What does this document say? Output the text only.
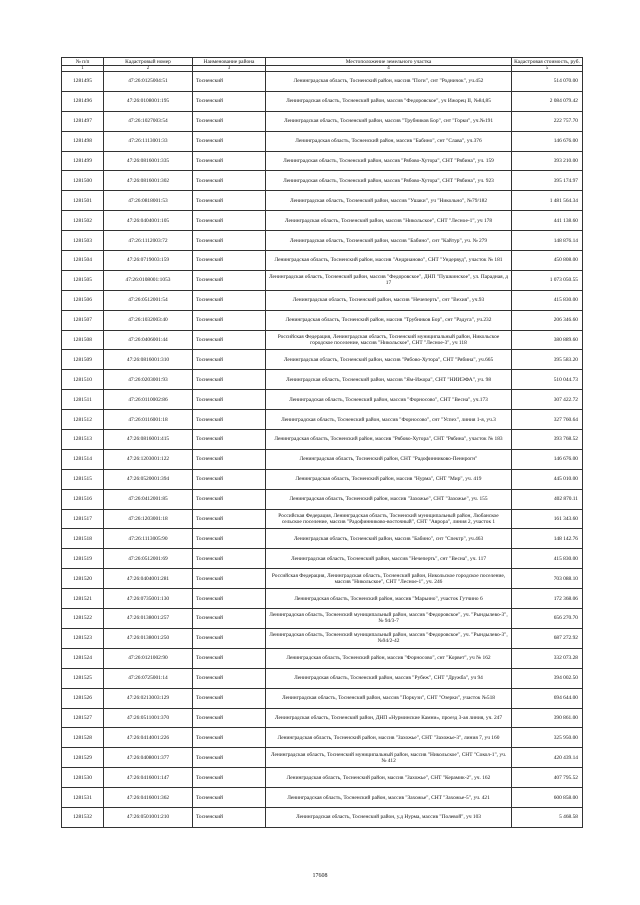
№ п/п	Кадастровый номер	Наименование района	Местоположение земельного участка	Кадастровая стоимость, руб.
1	2	3	4	5
1281495	47:26:0125004:51	Тосненский	Ленинградская область, Тосненский район, массив "Поги", снт "Родничок", уч.452	514 070.00
1281496	47:26:0108001:195	Тосненский	Ленинградская область, Тосненский район, массив "Федоровское", уч Ижорец II, №84,85	2 084 079.42
1281497	47:26:1027003:54	Тосненский	Ленинградская область, Тосненский район, массив "Трубников Бор", снт "Горки", уч.№191	222 757.70
1281498	47:26:1113001:33	Тосненский	Ленинградская область, Тосненский район, массив "Бабино", снт "Слава", уч.376	146 676.00
1281499	47:26:0816001:335	Тосненский	Ленинградская область, Тосненский район, массив "Рябово-Хутора", СНТ "Рябина", уч. 159	393 210.00
1281500	47:26:0816001:302	Тосненский	Ленинградская область, Тосненский район, массив "Рябово-Хутора", СНТ "Рябина", уч. 923	395 174.97
1281501	47:26:0818001:53	Тосненский	Ленинградская область, Тосненский район, массив "Ушаки", уч "Никольно", №79/182	1 481 564.34
1281502	47:26:0404001:105	Тосненский	Ленинградская область, Тосненский район, массив "Никольское", СНТ "Лесное-1", уч 178	441 138.60
1281503	47:26:1112003:72	Тосненский	Ленинградская область, Тосненский район, массив "Бабино", снт "Кайтур", уч. № 279	148 876.14
1281504	47:26:0719003:159	Тосненский	Ленинградская область, Тосненский район, массив "Андрианово", СНТ "Ундервуд", участок № 181	450 808.00
1281505	47:26:0108001:1053	Тосненский	Ленинградская область, Тосненский район, массив "Федоровское", ДНП "Пушкинское", ул. Парадная, д 17	1 073 050.55
1281506	47:26:0512001:54	Тосненский	Ленинградская область, Тосненский район, массив "Нечеперть", снт "Вехия", уч.93	415 830.00
1281507	47:26:1032003:40	Тосненский	Ленинградская область, Тосненский район, массив "Трубников Бор", снт "Радуга", уч.232	206 346.60
1281508	47:26:0406001:44	Тосненский	Российская Федерация, Ленинградская область, Тосненский муниципальный район, Никольское городское поселение, массив "Никольское", СНТ "Лесное-3", уч 118	380 889.60
1281509	47:26:0816001:310	Тосненский	Ленинградская область, Тосненский район, массив "Рябово-Хутора", СНТ "Рябина", уч.665	395 583.20
1281510	47:26:0203001:93	Тосненский	Ленинградская область, Тосненский район, массив "Ям-Ижора", СНТ "НИИЭФА", уч. 98	510 044.73
1281511	47:26:0110002:86	Тосненский	Ленинградская область, Тосненский район, массив "Форносово", СНТ "Весна", уч.173	307 422.72
1281512	47:26:0116001:18	Тосненский	Ленинградская область, Тосненский район, массив "Форносово", снт "Успех", линия 1-я, уч.3	327 760.64
1281513	47:26:0816001:415	Тосненский	Ленинградская область, Тосненский район, массив "Рябово-Хутора", СНТ "Рябина", участок № 183	393 768.52
1281514	47:26:1203001:122	Тосненский	Ленинградская область, Тосненский район, СНТ "Радофинниково-Пеннрогн"	146 676.00
1281515	47:26:0520001:394	Тосненский	Ленинградская область, Тосненский район, массив "Нурма", СНТ "Мир", уч. 419	445 010.00
1281516	47:26:0412001:85	Тосненский	Ленинградская область, Тосненский район, массив "Захожье", СНТ "Захожье", уч. 155	402 870.11
1281517	47:26:1203001:18	Тосненский	Российская Федерация, Ленинградская область, Тосненский муниципальный район, Любанское сельское поселение, массив "Радофинниково-восточный", СНТ "Аврора", линия 2, участок 1	161 343.60
1281518	47:26:1113005:90	Тосненский	Ленинградская область, Тосненский район, массив "Бабино", снт "Спектр", уч.463	148 142.76
1281519	47:26:0512001:69	Тосненский	Ленинградская область, Тосненский район, массив "Нечеперть", снт "Весна", уч. 117	415 830.00
1281520	47:26:0404001:281	Тосненский	Российская Федерация, Ленинградская область, Тосненский район, Никольское городское поселение, массив "Никольское", СНТ "Лесное-1", уч. 246	703 088.10
1281521	47:26:0735001:130	Тосненский	Ленинградская область, Тосненский район, массив "Марьино", участок Гутчино 6	172 368.06
1281522	47:26:0138001:257	Тосненский	Ленинградская область, Тосненский муниципальный район, массив "Федоровское", уч. "Рындылево-3", № 94/3-7	656 270.70
1281523	47:26:0138001:250	Тосненский	Ленинградская область, Тосненский муниципальный район, массив "Федоровское", уч. "Рындылево-3", №94/2-42	687 272.92
1281524	47:26:0121002:90	Тосненский	Ленинградская область, Тосненский район, массив "Форносово", снт "Корвет", уч № 162	332 073.28
1281525	47:26:0725001:14	Тосненский	Ленинградская область, Тосненский район, массив "Рубеж", СНТ "Дружба", уч 94	394 002.50
1281526	47:26:0213003:129	Тосненский	Ленинградская область, Тосненский район, массив "Поркузи", СНТ "Озерки", участок №518	694 644.00
1281527	47:26:0511001:370	Тосненский	Ленинградская область, Тосненский район, ДНП «Нурминские Камни», проезд 3-ая линия, уч. 247	390 861.00
1281528	47:26:0414001:226	Тосненский	Ленинградская область, Тосненский район, массив "Захожье", СНТ "Захожье-3", линия 7, уч 160	325 950.00
1281529	47:26:0408001:377	Тосненский	Ленинградская область, Тосненский муниципальный район, массив "Никольское", СНТ "Сокол-1", уч. № 412	420 439.14
1281530	47:26:0416001:147	Тосненский	Ленинградская область, Тосненский район, массив "Захожье", СНТ "Керамик-2", уч. 162	407 795.52
1281531	47:26:0416001:362	Тосненский	Ленинградская область, Тосненский район, массив "Захожье", СНТ "Захожье-5", уч. 421	600 858.00
1281532	47:26:0501001:210	Тосненский	Ленинградская область, Тосненский район, у.д Нурма, массив "Полевой", уч 103	5 468.58
17608
